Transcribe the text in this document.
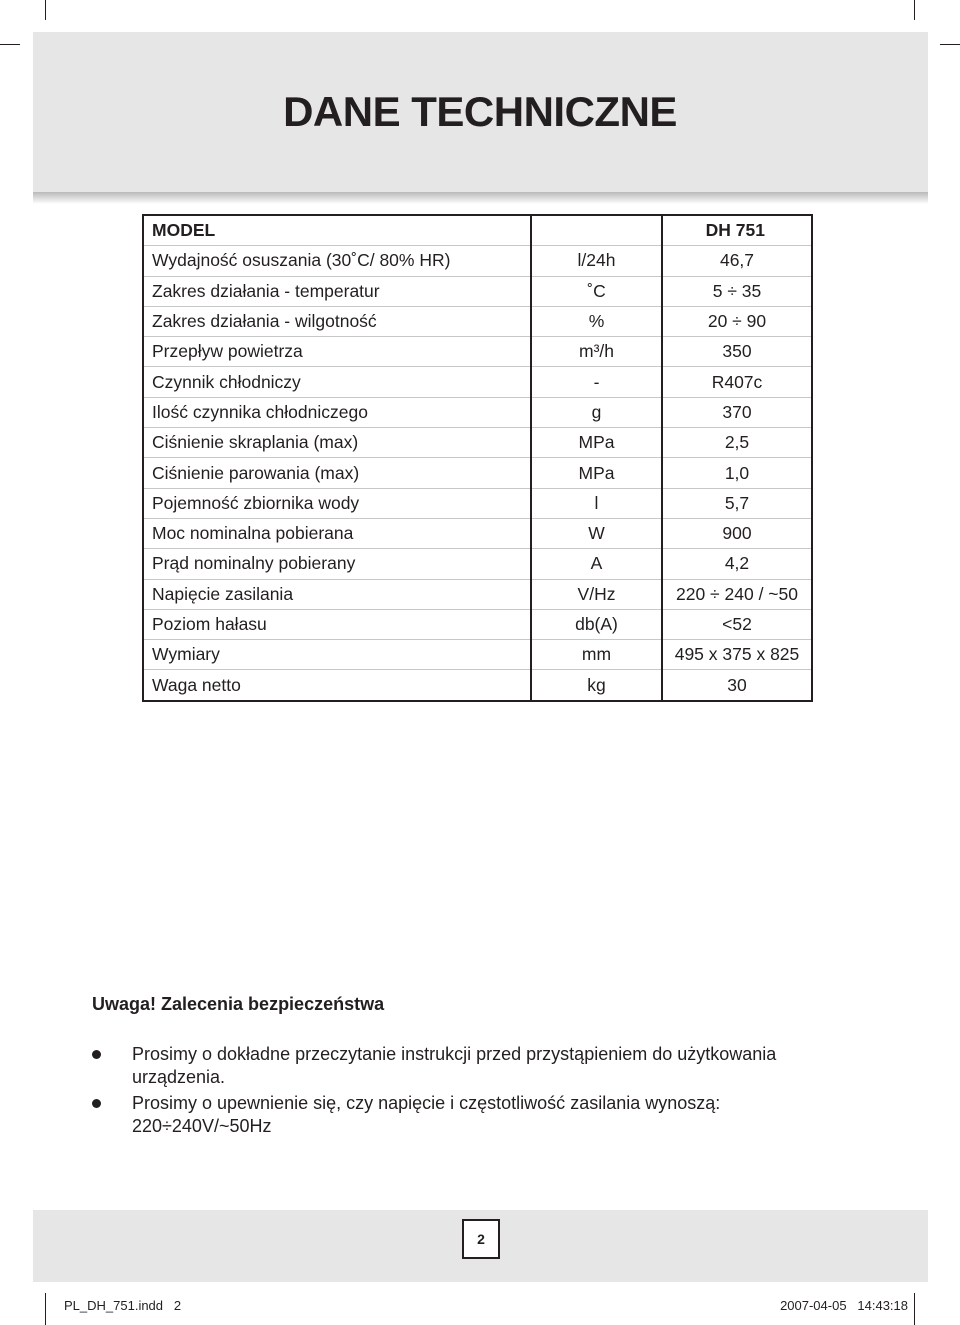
DANE TECHNICZNE
MODEL		DH 751
Wydajność osuszania (30˚C/ 80% HR)	l/24h	46,7
Zakres działania - temperatur	˚C	5 ÷ 35
Zakres działania - wilgotność	%	20 ÷ 90
Przepływ powietrza	m³/h	350
Czynnik chłodniczy	-	R407c
Ilość czynnika chłodniczego	g	370
Ciśnienie skraplania (max)	MPa	2,5
Ciśnienie parowania (max)	MPa	1,0
Pojemność zbiornika wody	l	5,7
Moc nominalna pobierana	W	900
Prąd nominalny pobierany	A	4,2
Napięcie zasilania	V/Hz	220 ÷ 240 / ~50
Poziom hałasu	db(A)	<52
Wymiary	mm	495 x 375 x 825
Waga netto	kg	30
Uwaga! Zalecenia bezpieczeństwa
Prosimy o dokładne przeczytanie instrukcji przed przystąpieniem do użytkowania urządzenia.
Prosimy o upewnienie się, czy napięcie i częstotliwość zasilania wynoszą: 220÷240V/~50Hz
2
PL_DH_751.indd   2	2007-04-05   14:43:18
